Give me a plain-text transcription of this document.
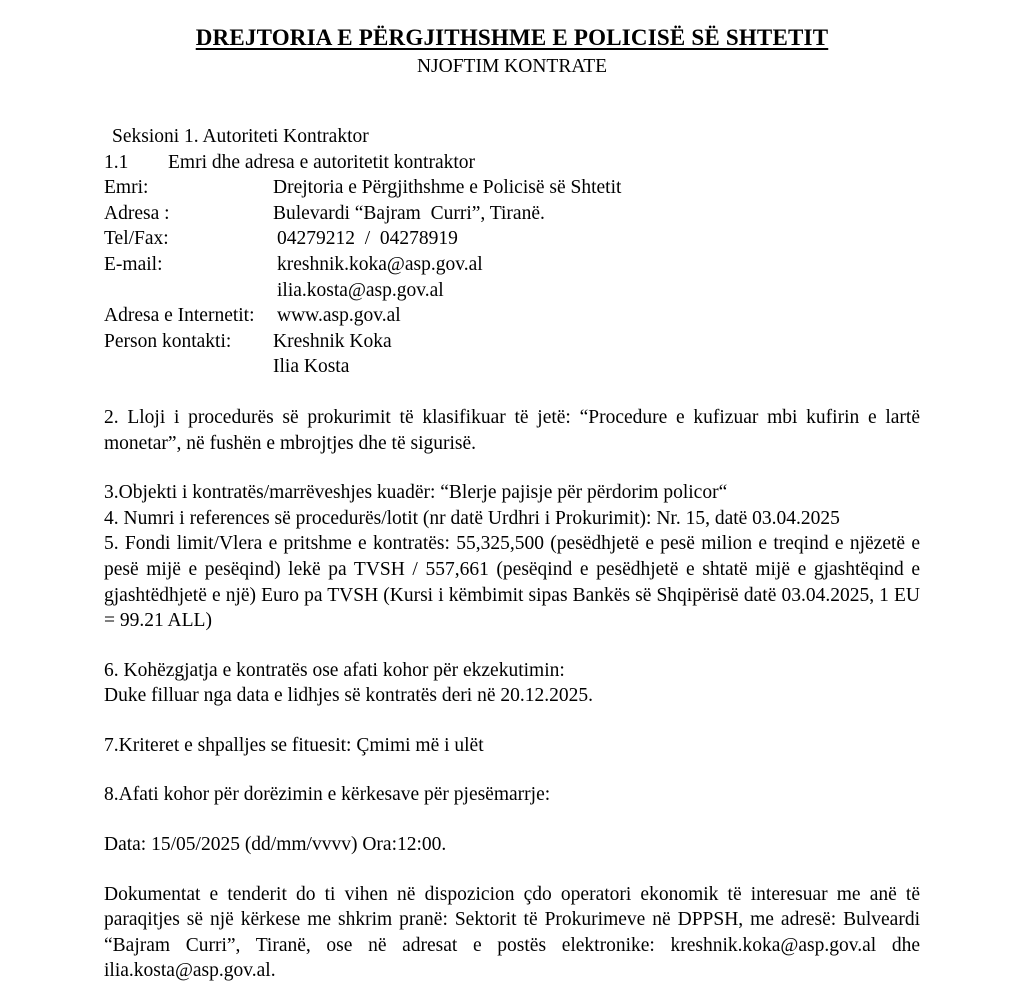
DREJTORIA E PËRGJITHSHME E POLICISË SË SHTETIT
NJOFTIM KONTRATE
Seksioni 1. Autoriteti Kontraktor
1.1	Emri dhe adresa e autoritetit kontraktor
Emri:	Drejtoria e Përgjithshme e Policisë së Shtetit
Adresa :	Bulevardi “Bajram  Curri”, Tiranë.
Tel/Fax:	04279212  /  04278919
E-mail:	kreshnik.koka@asp.gov.al
ilia.kosta@asp.gov.al
Adresa e Internetit:	www.asp.gov.al
Person kontakti:	Kreshnik Koka
Ilia Kosta
2. Lloji i procedurës së prokurimit të klasifikuar të jetë: “Procedure e kufizuar mbi kufirin e lartë monetar”, në fushën e mbrojtjes dhe të sigurisë.
3.Objekti i kontratës/marrëveshjes kuadër: “Blerje pajisje për përdorim policor“
4. Numri i references së procedurës/lotit (nr datë Urdhri i Prokurimit): Nr. 15, datë 03.04.2025
5. Fondi limit/Vlera e pritshme e kontratës: 55,325,500 (pesëdhjetë e pesë milion e treqind e njëzetë e pesë mijë e pesëqind) lekë pa TVSH / 557,661 (pesëqind e pesëdhjetë e shtatë mijë e gjashtëqind e gjashtëdhjetë e një) Euro pa TVSH (Kursi i këmbimit sipas Bankës së Shqipërisë datë 03.04.2025, 1 EU = 99.21 ALL)
6. Kohëzgjatja e kontratës ose afati kohor për ekzekutimin:
Duke filluar nga data e lidhjes së kontratës deri në 20.12.2025.
7.Kriteret e shpalljes se fituesit: Çmimi më i ulët
8.Afati kohor për dorëzimin e kërkesave për pjesëmarrje:
Data: 15/05/2025 (dd/mm/vvvv) Ora:12:00.
Dokumentat e tenderit do ti vihen në dispozicion çdo operatori ekonomik të interesuar me anë të paraqitjes së një kërkese me shkrim pranë: Sektorit të Prokurimeve në DPPSH, me adresë: Bulveardi “Bajram Curri”, Tiranë, ose në adresat e postës elektronike: kreshnik.koka@asp.gov.al dhe ilia.kosta@asp.gov.al.
